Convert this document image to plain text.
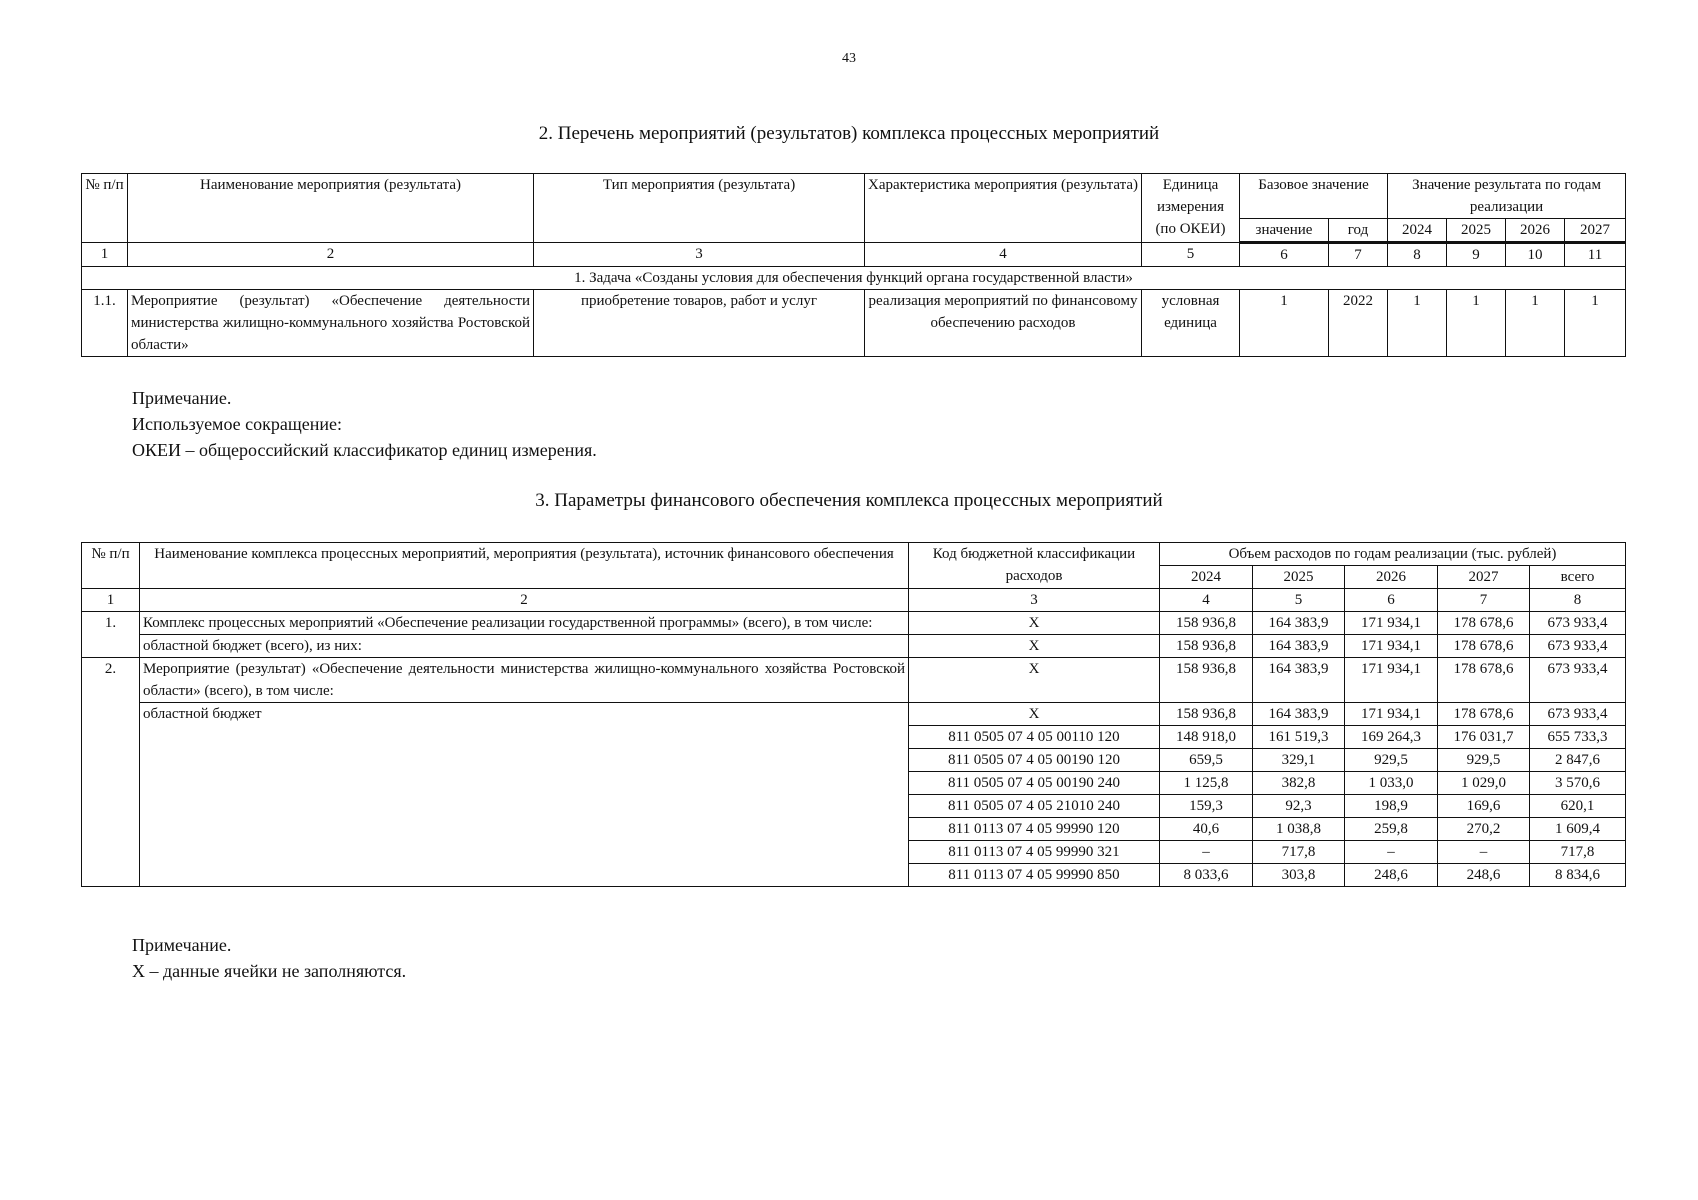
43
2. Перечень мероприятий (результатов) комплекса процессных мероприятий
№ п/п	Наименование мероприятия (результата)	Тип мероприятия (результата)	Характеристика мероприятия (результата)	Единица измерения (по ОКЕИ)	Базовое значение		Значение результата по годам реализации			
					значение	год	2024	2025	2026	2027
1	2	3	4	5	6	7	8	9	10	11
1. Задача «Созданы условия для обеспечения функций органа государственной власти»										
1.1.	Мероприятие (результат) «Обеспечение деятельности министерства жилищно-коммунального хозяйства Ростовской области»	приобретение товаров, работ и услуг	реализация мероприятий по финансовому обеспечению расходов	условная единица	1	2022	1	1	1	1
Примечание.
Используемое сокращение:
ОКЕИ – общероссийский классификатор единиц измерения.
3. Параметры финансового обеспечения комплекса процессных мероприятий
№ п/п	Наименование комплекса процессных мероприятий, мероприятия (результата), источник финансового обеспечения	Код бюджетной классификации расходов	Объем расходов по годам реализации (тыс. рублей)				
			2024	2025	2026	2027	всего
1	2	3	4	5	6	7	8
1.	Комплекс процессных мероприятий «Обеспечение реализации государственной программы» (всего), в том числе:	X	158 936,8	164 383,9	171 934,1	178 678,6	673 933,4
	областной бюджет (всего), из них:	X	158 936,8	164 383,9	171 934,1	178 678,6	673 933,4
2.	Мероприятие (результат) «Обеспечение деятельности министерства жилищно-коммунального хозяйства Ростовской области» (всего), в том числе:	X	158 936,8	164 383,9	171 934,1	178 678,6	673 933,4
	областной бюджет	X	158 936,8	164 383,9	171 934,1	178 678,6	673 933,4
		811 0505 07 4 05 00110 120	148 918,0	161 519,3	169 264,3	176 031,7	655 733,3
		811 0505 07 4 05 00190 120	659,5	329,1	929,5	929,5	2 847,6
		811 0505 07 4 05 00190 240	1 125,8	382,8	1 033,0	1 029,0	3 570,6
		811 0505 07 4 05 21010 240	159,3	92,3	198,9	169,6	620,1
		811 0113 07 4 05 99990 120	40,6	1 038,8	259,8	270,2	1 609,4
		811 0113 07 4 05 99990 321	–	717,8	–	–	717,8
		811 0113 07 4 05 99990 850	8 033,6	303,8	248,6	248,6	8 834,6
Примечание.
X – данные ячейки не заполняются.
